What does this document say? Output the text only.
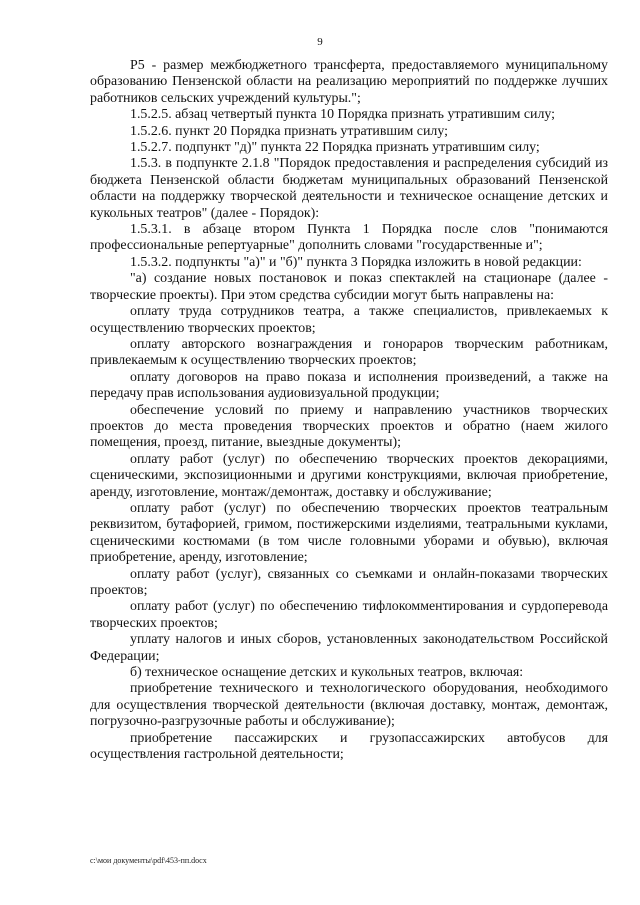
9

Р5 - размер межбюджетного трансферта, предоставляемого муниципальному образованию Пензенской области на реализацию мероприятий по поддержке лучших работников сельских учреждений культуры.";

1.5.2.5. абзац четвертый пункта 10 Порядка признать утратившим силу;

1.5.2.6. пункт 20 Порядка признать утратившим силу;

1.5.2.7. подпункт "д)" пункта 22 Порядка признать утратившим силу;

1.5.3. в подпункте 2.1.8 "Порядок предоставления и распределения субсидий из бюджета Пензенской области бюджетам муниципальных образований Пензенской области на поддержку творческой деятельности и техническое оснащение детских и кукольных театров" (далее - Порядок):

1.5.3.1. в абзаце втором Пункта 1 Порядка после слов "понимаются профессиональные репертуарные" дополнить словами "государственные и";

1.5.3.2. подпункты "а)" и "б)" пункта 3 Порядка изложить в новой редакции:

"а) создание новых постановок и показ спектаклей на стационаре (далее - творческие проекты). При этом средства субсидии могут быть направлены на:

оплату труда сотрудников театра, а также специалистов, привлекаемых к осуществлению творческих проектов;

оплату авторского вознаграждения и гонораров творческим работникам, привлекаемым к осуществлению творческих проектов;

оплату договоров на право показа и исполнения произведений, а также на передачу прав использования аудиовизуальной продукции;

обеспечение условий по приему и направлению участников творческих проектов до места проведения творческих проектов и обратно (наем жилого помещения, проезд, питание, выездные документы);

оплату работ (услуг) по обеспечению творческих проектов декорациями, сценическими, экспозиционными и другими конструкциями, включая приобретение, аренду, изготовление, монтаж/демонтаж, доставку и обслуживание;

оплату работ (услуг) по обеспечению творческих проектов театральным реквизитом, бутафорией, гримом, постижерскими изделиями, театральными куклами, сценическими костюмами (в том числе головными уборами и обувью), включая приобретение, аренду, изготовление;

оплату работ (услуг), связанных со съемками и онлайн-показами творческих проектов;

оплату работ (услуг) по обеспечению тифлокомментирования и сурдоперевода творческих проектов;

уплату налогов и иных сборов, установленных законодательством Российской Федерации;

б) техническое оснащение детских и кукольных театров, включая:

приобретение технического и технологического оборудования, необходимого для осуществления творческой деятельности (включая доставку, монтаж, демонтаж, погрузочно-разгрузочные работы и обслуживание);

приобретение пассажирских и грузопассажирских автобусов для осуществления гастрольной деятельности;

c:\мои документы\pdf\453-пп.docx
